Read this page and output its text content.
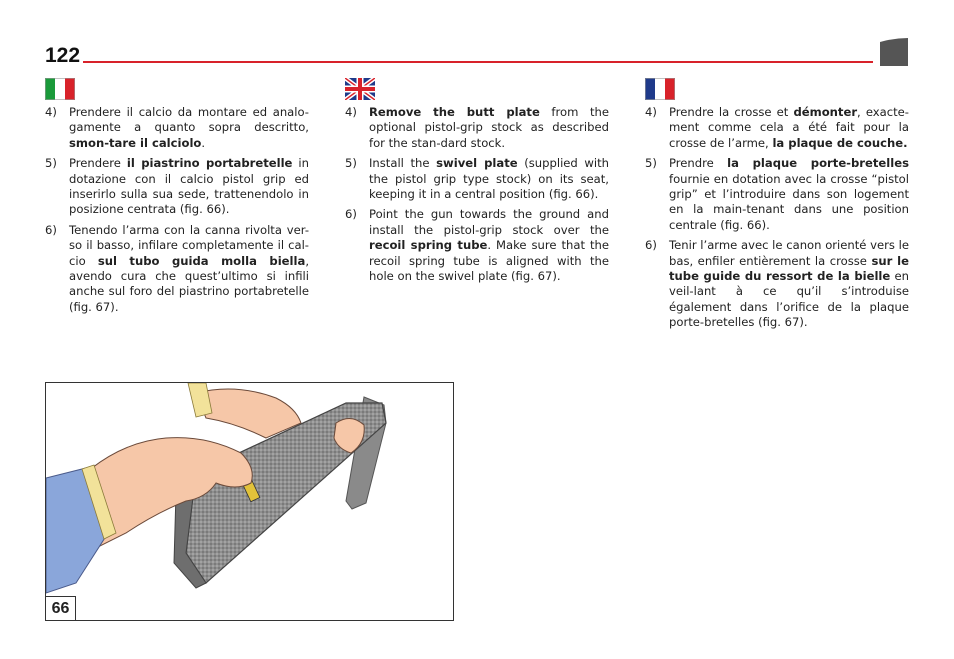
122
4)	Prendere il calcio da montare ed analo-gamente a quanto sopra descritto, smon-tare il calciolo.
5)	Prendere il piastrino portabretelle in dotazione con il calcio pistol grip ed inserirlo sulla sua sede, trattenendolo in posizione centrata (fig. 66).
6)	Tenendo l’arma con la canna rivolta ver-so il basso, infilare completamente il cal-cio sul tubo guida molla biella, avendo cura che quest’ultimo si infili anche sul foro del piastrino portabretelle (fig. 67).
4)	Remove the butt plate from the optional pistol-grip stock as described for the stan-dard stock.
5)	Install the swivel plate (supplied with the pistol grip type stock) on its seat, keeping it in a central position (fig. 66).
6)	Point the gun towards the ground and install the pistol-grip stock over the recoil spring tube. Make sure that the recoil spring tube is aligned with the hole on the swivel plate (fig. 67).
4)	Prendre la crosse et démonter, exacte-ment comme cela a été fait pour la crosse de l’arme, la plaque de couche.
5)	Prendre la plaque porte-bretelles fournie en dotation avec la crosse “pistol grip” et l’introduire dans son logement en la main-tenant dans une position centrale (fig. 66).
6)	Tenir l’arme avec le canon orienté vers le bas, enfiler entièrement la crosse sur le tube guide du ressort de la bielle en veil-lant à ce qu’il s’introduise également dans l’orifice de la plaque porte-bretelles (fig. 67).
66
